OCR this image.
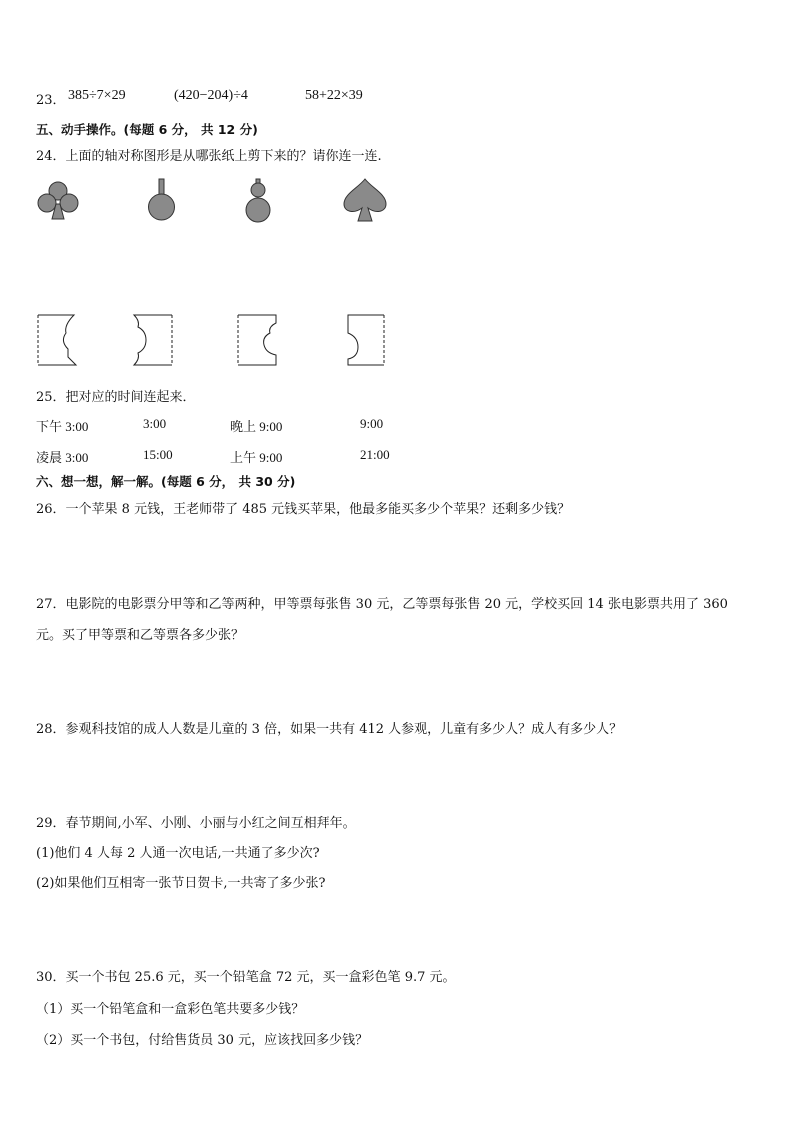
23． 385÷7×29	(420−204)÷4	58+22×39
五、动手操作。(每题 6 分， 共 12 分)
24．上面的轴对称图形是从哪张纸上剪下来的？请你连一连.
25．把对应的时间连起来．
下午 3:00	3:00	晚上 9:00	9:00
凌晨 3:00	15:00	上午 9:00	21:00
六、想一想，解一解。(每题 6 分， 共 30 分)
26．一个苹果 8 元钱，王老师带了 485 元钱买苹果，他最多能买多少个苹果？还剩多少钱？
27．电影院的电影票分甲等和乙等两种，甲等票每张售 30 元，乙等票每张售 20 元，学校买回 14 张电影票共用了 360
元。买了甲等票和乙等票各多少张？
28．参观科技馆的成人人数是儿童的 3 倍，如果一共有 412 人参观，儿童有多少人？成人有多少人？
29．春节期间,小军、小刚、小丽与小红之间互相拜年。
(1)他们 4 人每 2 人通一次电话,一共通了多少次?
(2)如果他们互相寄一张节日贺卡,一共寄了多少张?
30．买一个书包 25.6 元，买一个铅笔盒 72 元，买一盒彩色笔 9.7 元。
（1）买一个铅笔盒和一盒彩色笔共要多少钱？
（2）买一个书包，付给售货员 30 元，应该找回多少钱？
